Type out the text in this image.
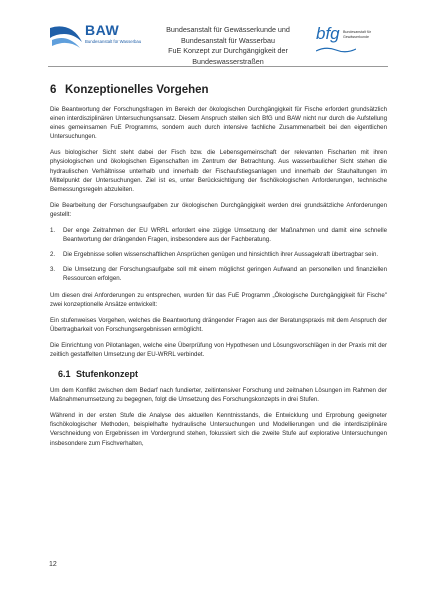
BAW
Bundesanstalt für Wasserbau
Bundesanstalt für Gewässerkunde und
Bundesanstalt für Wasserbau
FuE Konzept zur Durchgängigkeit der Bundeswasserstraßen
bfg Bundesanstalt für
Gewässerkunde
6 Konzeptionelles Vorgehen

Die Beantwortung der Forschungsfragen im Bereich der ökologischen Durchgängigkeit für Fische erfordert grundsätzlich einen interdisziplinären Untersuchungsansatz. Diesem Anspruch stellen sich BfG und BAW nicht nur durch die Aufstellung eines gemeinsamen FuE Programms, sondern auch durch intensive fachliche Zusammenarbeit bei den eigentlichen Untersuchungen.

Aus biologischer Sicht steht dabei der Fisch bzw. die Lebensgemeinschaft der relevanten Fischarten mit ihren physiologischen und ökologischen Eigenschaften im Zentrum der Betrachtung. Aus wasserbaulicher Sicht stehen die hydraulischen Verhältnisse unterhalb und innerhalb der Fischaufstiegsanlagen und innerhalb der Stauhaltungen im Mittelpunkt der Untersuchungen. Ziel ist es, unter Berücksichtigung der fischökologischen Anforderungen, technische Bemessungsregeln abzuleiten.

Die Bearbeitung der Forschungsaufgaben zur ökologischen Durchgängigkeit werden drei grundsätzliche Anforderungen gestellt:

1. Der enge Zeitrahmen der EU WRRL erfordert eine zügige Umsetzung der Maßnahmen und damit eine schnelle Beantwortung der drängenden Fragen, insbesondere aus der Fachberatung.
2. Die Ergebnisse sollen wissenschaftlichen Ansprüchen genügen und hinsichtlich ihrer Aussagekraft übertragbar sein.
3. Die Umsetzung der Forschungsaufgabe soll mit einem möglichst geringen Aufwand an personellen und finanziellen Ressourcen erfolgen.

Um diesen drei Anforderungen zu entsprechen, wurden für das FuE Programm „Ökologische Durchgängigkeit für Fische" zwei konzeptionelle Ansätze entwickelt:

Ein stufenweises Vorgehen, welches die Beantwortung drängender Fragen aus der Beratungspraxis mit dem Anspruch der Übertragbarkeit von Forschungsergebnissen ermöglicht.

Die Einrichtung von Pilotanlagen, welche eine Überprüfung von Hypothesen und Lösungsvorschlägen in der Praxis mit der zeitlich gestaffelten Umsetzung der EU-WRRL verbindet.

6.1 Stufenkonzept

Um dem Konflikt zwischen dem Bedarf nach fundierter, zeitintensiver Forschung und zeitnahen Lösungen im Rahmen der Maßnahmenumsetzung zu begegnen, folgt die Umsetzung des Forschungskonzepts in drei Stufen.

Während in der ersten Stufe die Analyse des aktuellen Kenntnisstands, die Entwicklung und Erprobung geeigneter fischökologischer Methoden, beispielhafte hydraulische Untersuchungen und Modellierungen und die interdisziplinäre Verschneidung von Ergebnissen im Vordergrund stehen, fokussiert sich die zweite Stufe auf explorative Untersuchungen insbesondere zum Fischverhalten,

12
